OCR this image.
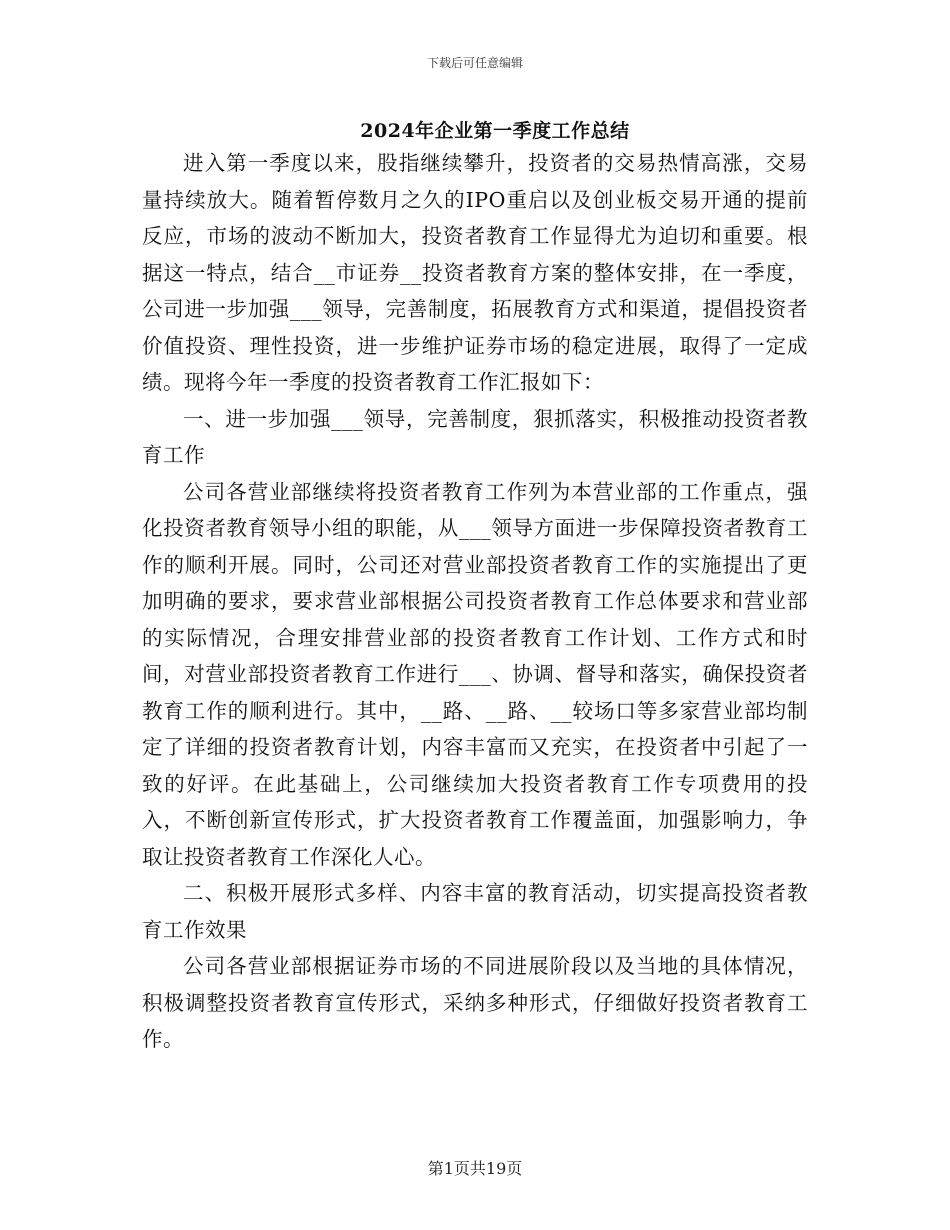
下载后可任意编辑
2024年企业第一季度工作总结

进入第一季度以来，股指继续攀升，投资者的交易热情高涨，交易量持续放大。随着暂停数月之久的IPO重启以及创业板交易开通的提前反应，市场的波动不断加大，投资者教育工作显得尤为迫切和重要。根据这一特点，结合__市证券__投资者教育方案的整体安排，在一季度，公司进一步加强___领导，完善制度，拓展教育方式和渠道，提倡投资者价值投资、理性投资，进一步维护证券市场的稳定进展，取得了一定成绩。现将今年一季度的投资者教育工作汇报如下：

一、进一步加强___领导，完善制度，狠抓落实，积极推动投资者教育工作

公司各营业部继续将投资者教育工作列为本营业部的工作重点，强化投资者教育领导小组的职能，从___领导方面进一步保障投资者教育工作的顺利开展。同时，公司还对营业部投资者教育工作的实施提出了更加明确的要求，要求营业部根据公司投资者教育工作总体要求和营业部的实际情况，合理安排营业部的投资者教育工作计划、工作方式和时间，对营业部投资者教育工作进行___、协调、督导和落实，确保投资者教育工作的顺利进行。其中，__路、__路、__较场口等多家营业部均制定了详细的投资者教育计划，内容丰富而又充实，在投资者中引起了一致的好评。在此基础上，公司继续加大投资者教育工作专项费用的投入，不断创新宣传形式，扩大投资者教育工作覆盖面，加强影响力，争取让投资者教育工作深化人心。

二、积极开展形式多样、内容丰富的教育活动，切实提高投资者教育工作效果

公司各营业部根据证券市场的不同进展阶段以及当地的具体情况，积极调整投资者教育宣传形式，采纳多种形式，仔细做好投资者教育工作。

第1页共19页
